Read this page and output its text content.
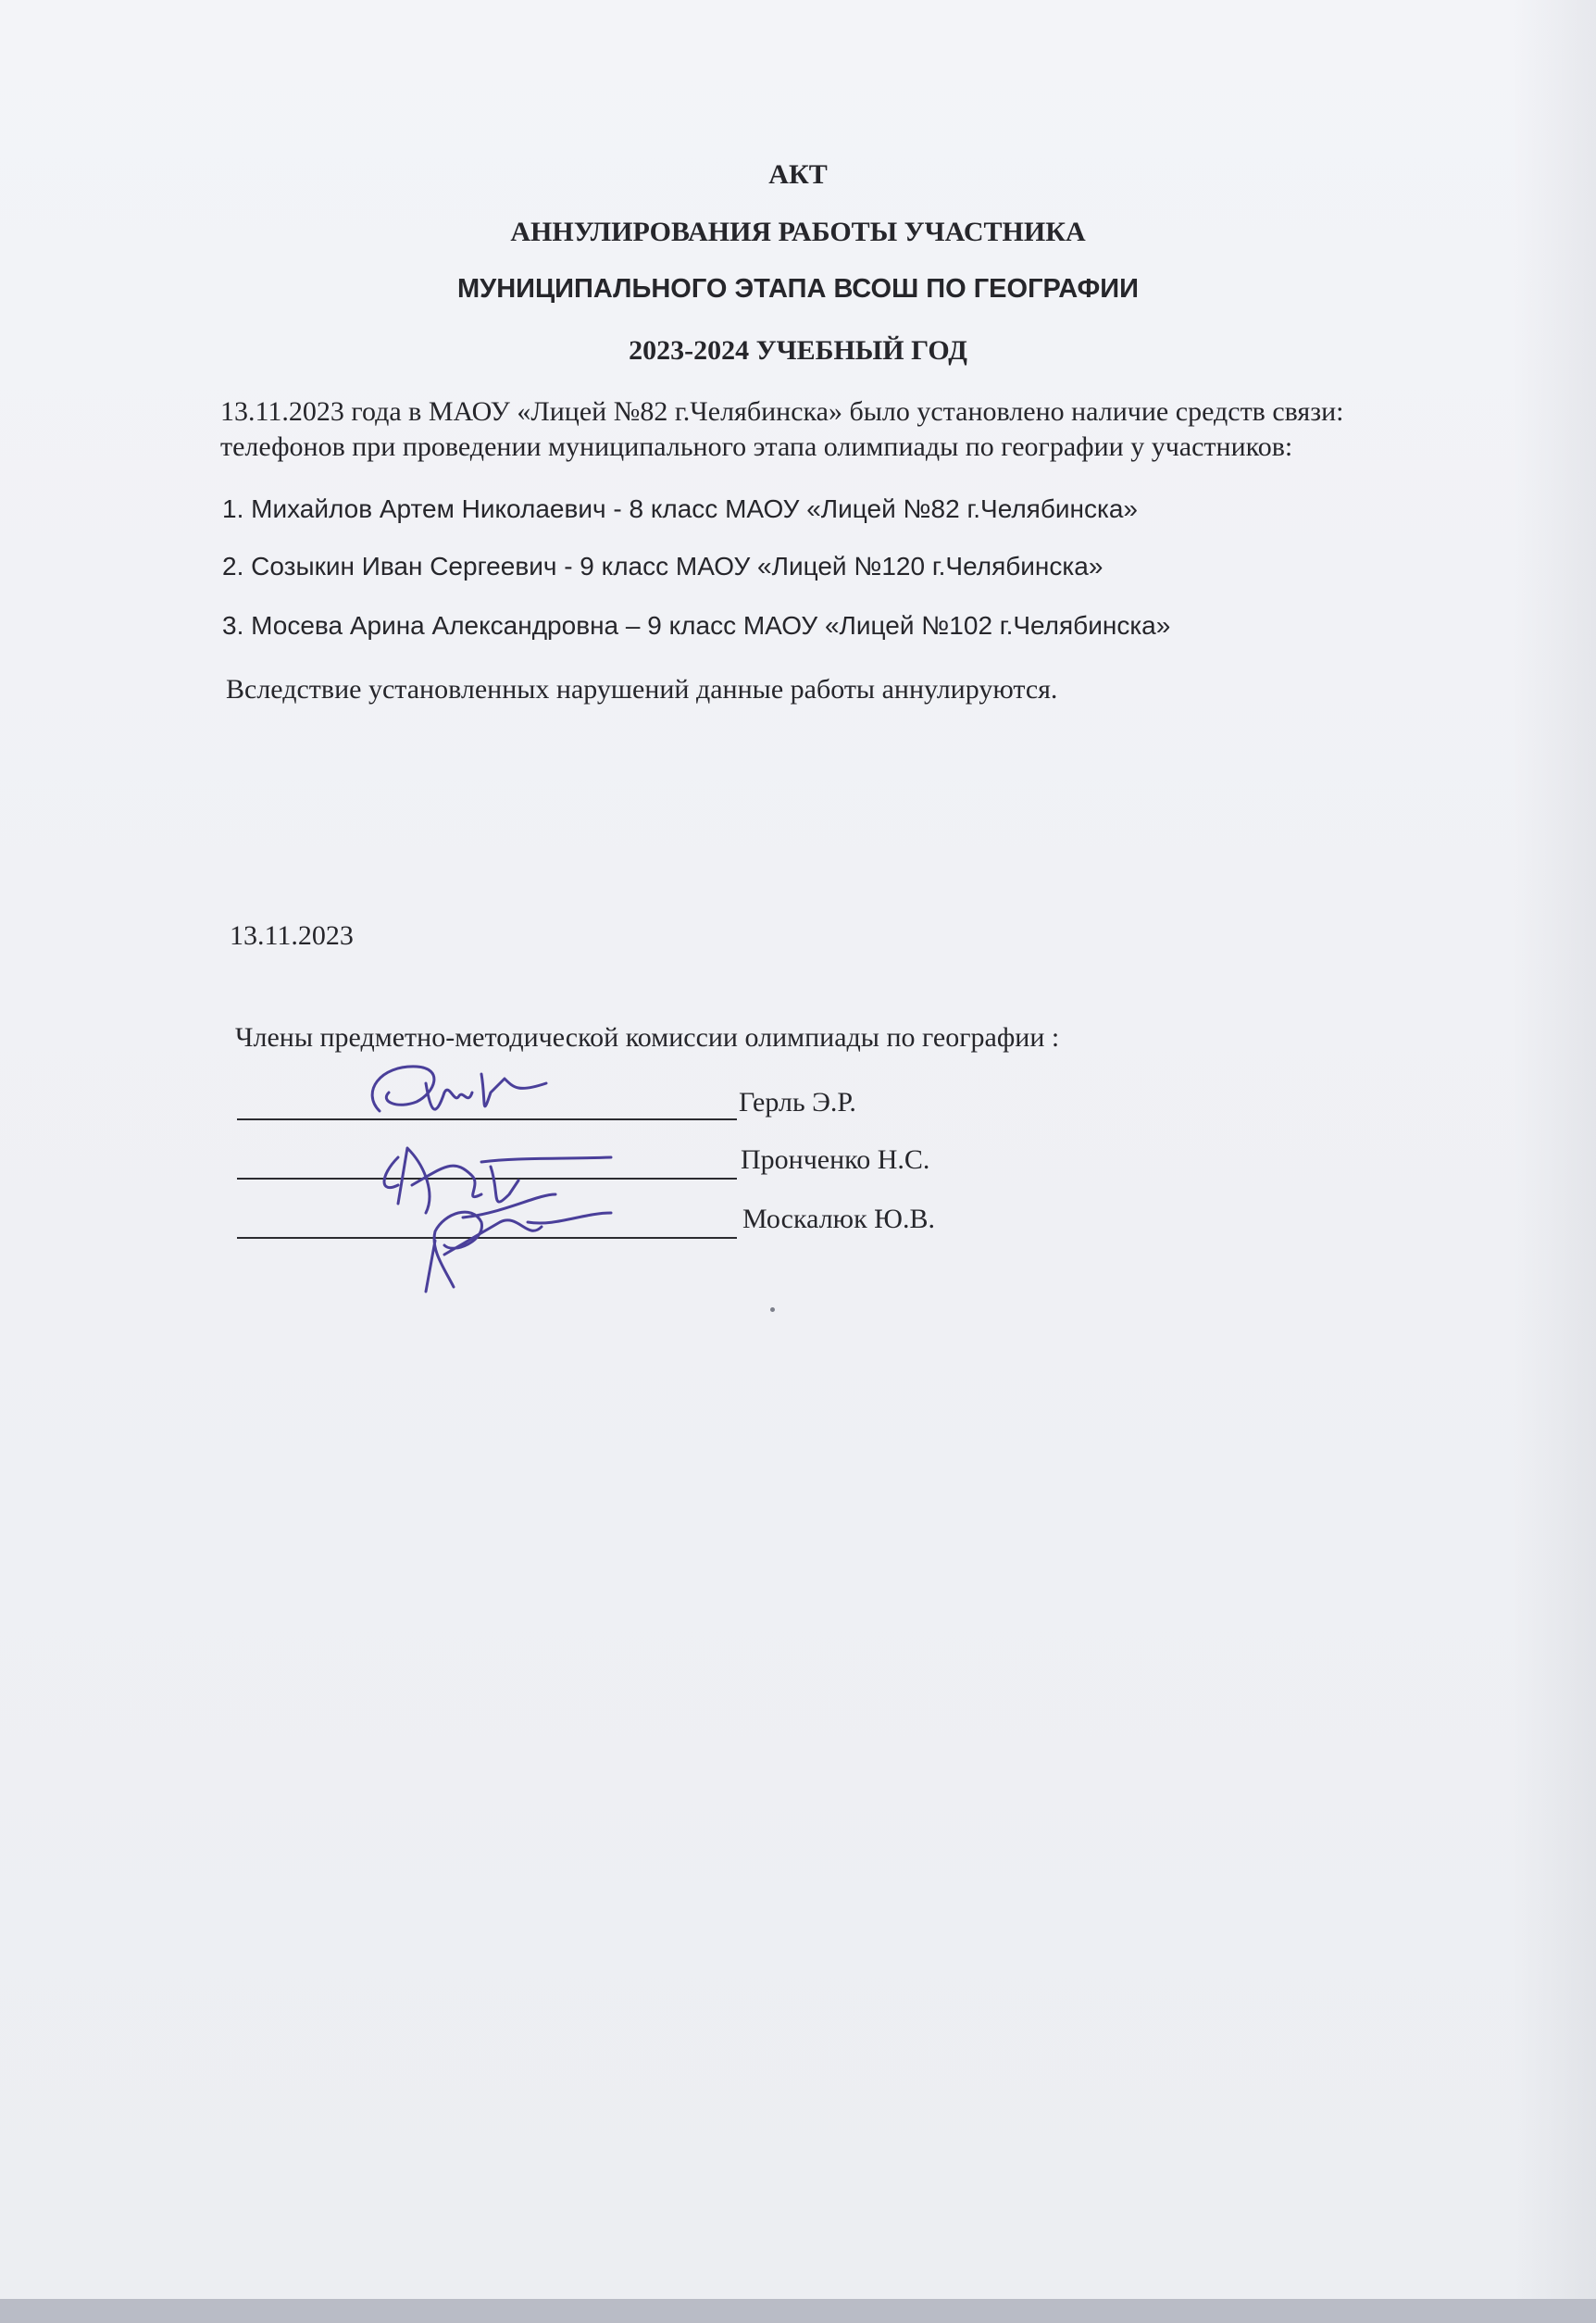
АКТ
АННУЛИРОВАНИЯ РАБОТЫ УЧАСТНИКА
МУНИЦИПАЛЬНОГО ЭТАПА ВСОШ ПО ГЕОГРАФИИ
2023-2024 УЧЕБНЫЙ ГОД
13.11.2023 года в МАОУ «Лицей №82 г.Челябинска» было установлено наличие средств связи:
телефонов при проведении муниципального этапа олимпиады по географии у участников:
1. Михайлов Артем Николаевич - 8 класс МАОУ «Лицей №82 г.Челябинска»
2. Созыкин Иван Сергеевич - 9 класс МАОУ «Лицей №120 г.Челябинска»
3. Мосева Арина Александровна – 9 класс МАОУ «Лицей №102 г.Челябинска»
Вследствие установленных нарушений данные работы аннулируются.
13.11.2023
Члены предметно-методической комиссии олимпиады по географии :
Герль Э.Р.
Пронченко Н.С.
Москалюк Ю.В.
